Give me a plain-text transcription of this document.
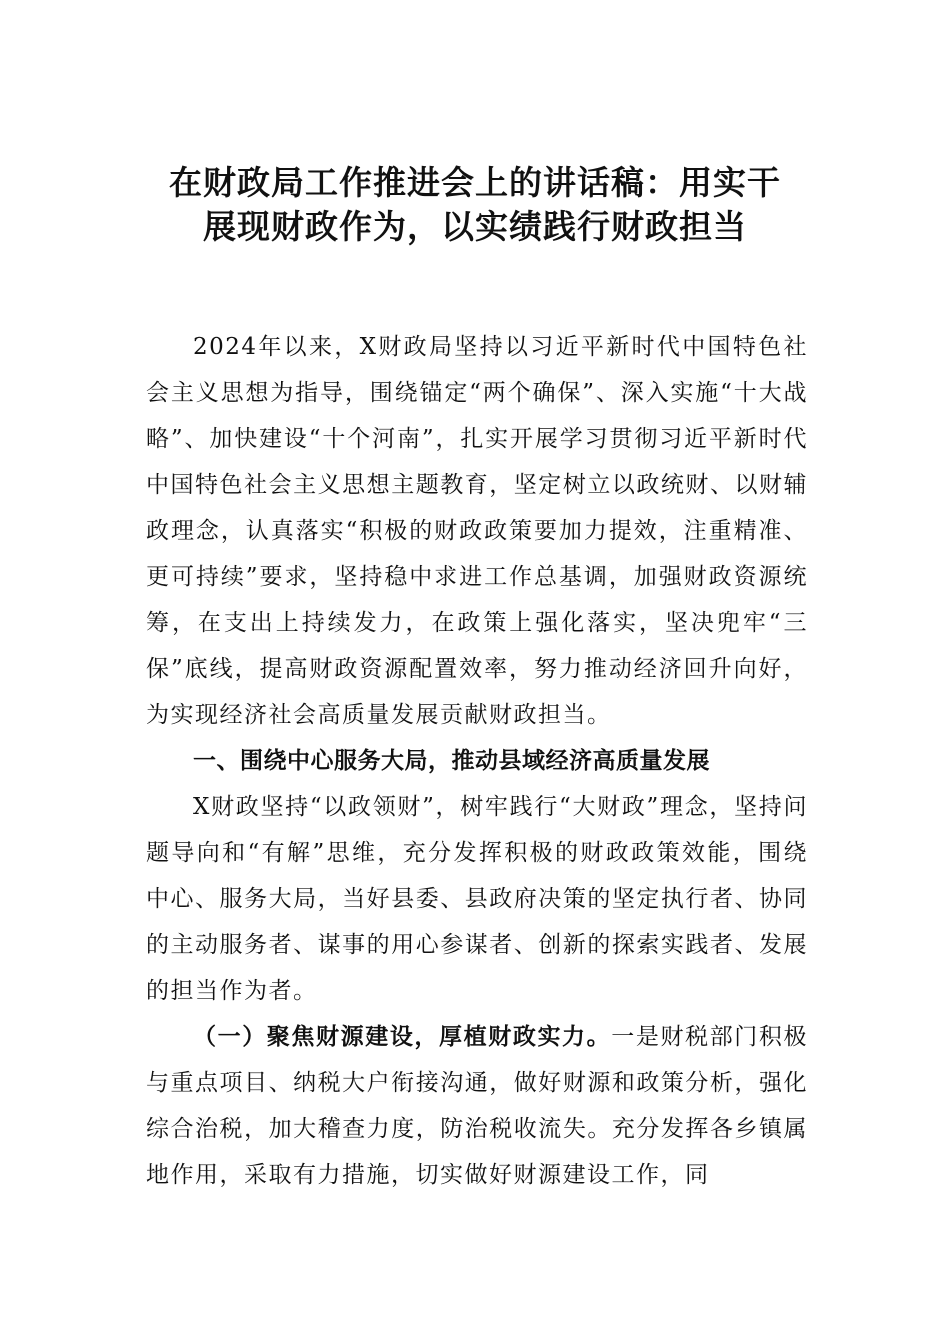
在财政局工作推进会上的讲话稿：用实干
展现财政作为，以实绩践行财政担当

2024年以来，X财政局坚持以习近平新时代中国特色社会主义思想为指导，围绕锚定“两个确保”、深入实施“十大战略”、加快建设“十个河南”，扎实开展学习贯彻习近平新时代中国特色社会主义思想主题教育，坚定树立以政统财、以财辅政理念，认真落实“积极的财政政策要加力提效，注重精准、更可持续”要求，坚持稳中求进工作总基调，加强财政资源统筹，在支出上持续发力，在政策上强化落实，坚决兜牢“三保”底线，提高财政资源配置效率，努力推动经济回升向好，为实现经济社会高质量发展贡献财政担当。

一、围绕中心服务大局，推动县域经济高质量发展

X财政坚持“以政领财”，树牢践行“大财政”理念，坚持问题导向和“有解”思维，充分发挥积极的财政政策效能，围绕中心、服务大局，当好县委、县政府决策的坚定执行者、协同的主动服务者、谋事的用心参谋者、创新的探索实践者、发展的担当作为者。

（一）聚焦财源建设，厚植财政实力。一是财税部门积极与重点项目、纳税大户衔接沟通，做好财源和政策分析，强化综合治税，加大稽查力度，防治税收流失。充分发挥各乡镇属地作用，采取有力措施，切实做好财源建设工作，同
